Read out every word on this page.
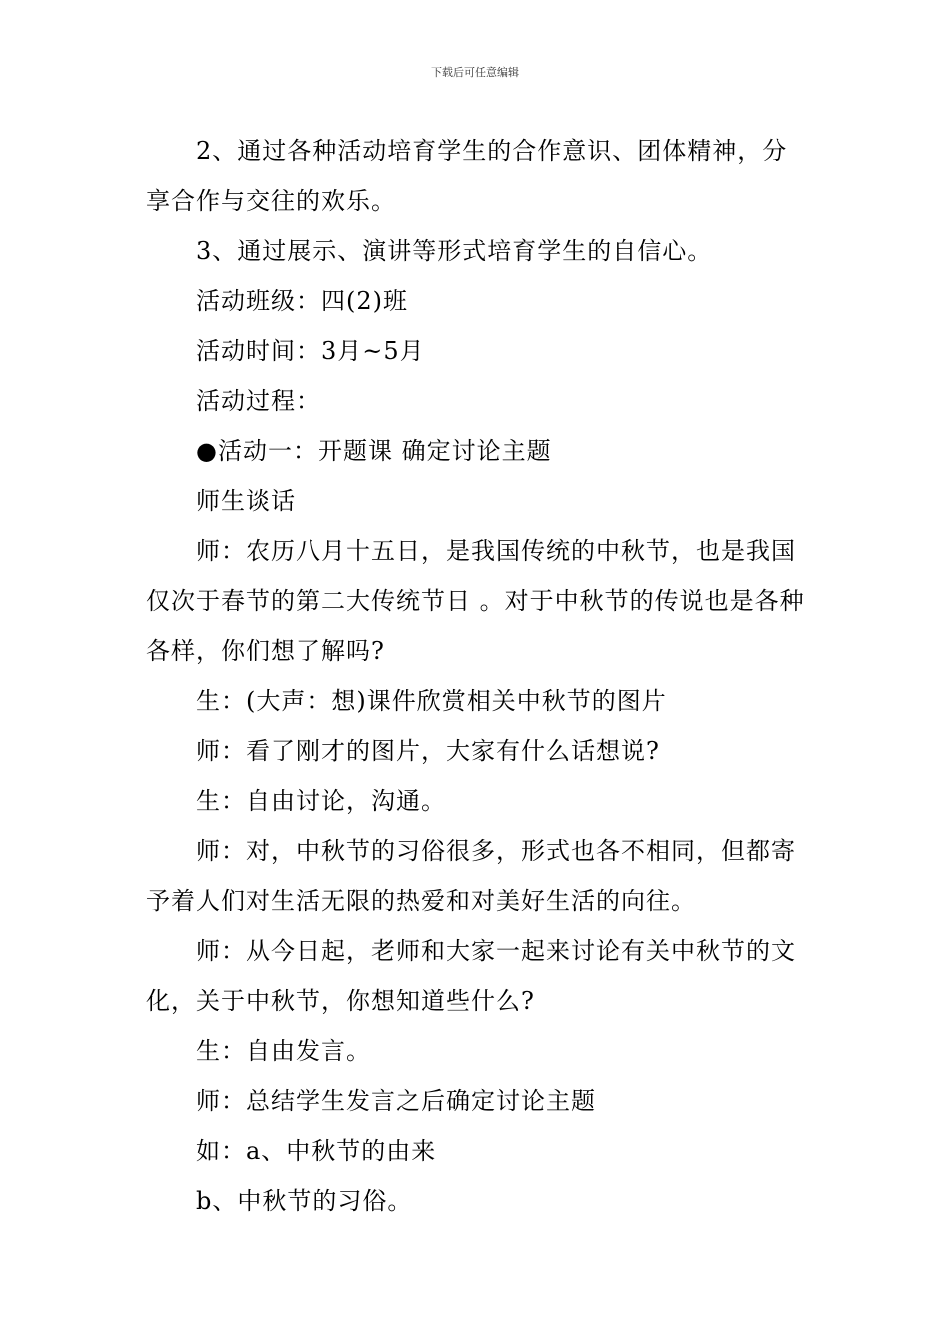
下载后可任意编辑

2、通过各种活动培育学生的合作意识、团体精神，分享合作与交往的欢乐。

3、通过展示、演讲等形式培育学生的自信心。

活动班级：四(2)班

活动时间：3月~5月

活动过程：

●活动一：开题课 确定讨论主题

师生谈话

师：农历八月十五日，是我国传统的中秋节，也是我国仅次于春节的第二大传统节日 。对于中秋节的传说也是各种各样，你们想了解吗?

生：(大声：想)课件欣赏相关中秋节的图片

师：看了刚才的图片，大家有什么话想说?

生：自由讨论，沟通。

师：对，中秋节的习俗很多，形式也各不相同，但都寄予着人们对生活无限的热爱和对美好生活的向往。

师：从今日起，老师和大家一起来讨论有关中秋节的文化，关于中秋节，你想知道些什么?

生：自由发言。

师：总结学生发言之后确定讨论主题

如：a、中秋节的由来

b、中秋节的习俗。
